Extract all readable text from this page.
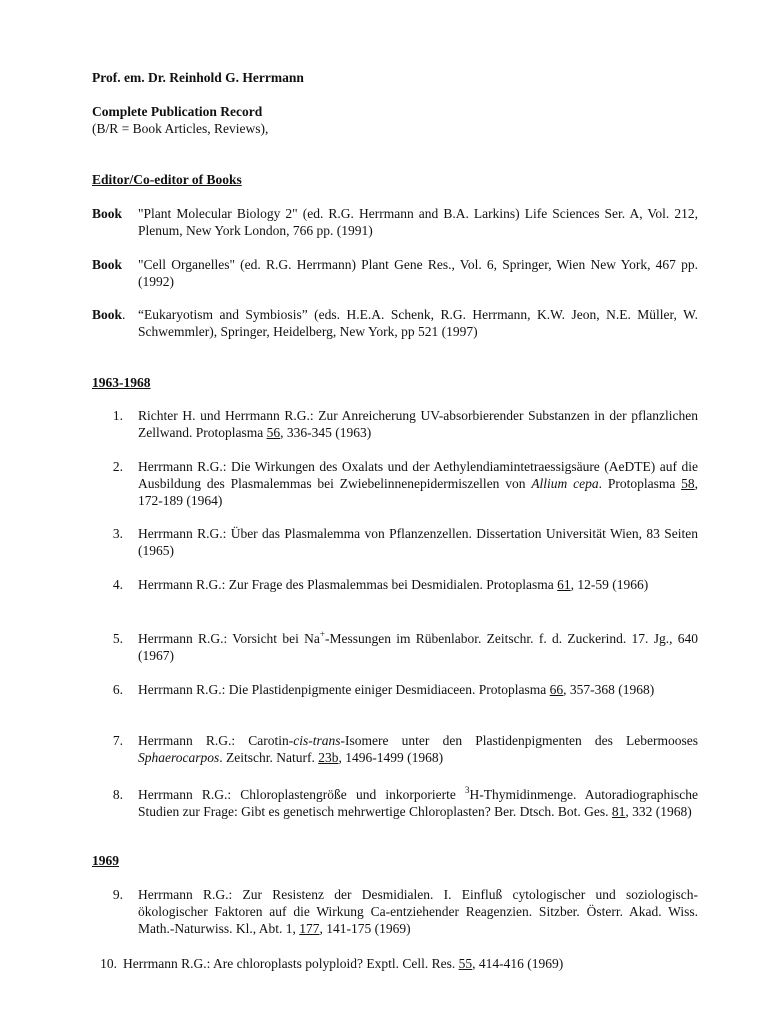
Prof. em. Dr. Reinhold G. Herrmann
Complete Publication Record
(B/R = Book Articles, Reviews),
Editor/Co-editor of Books
Book "Plant Molecular Biology 2" (ed. R.G. Herrmann and B.A. Larkins) Life Sciences Ser. A, Vol. 212, Plenum, New York London, 766 pp. (1991)
Book "Cell Organelles" (ed. R.G. Herrmann) Plant Gene Res., Vol. 6, Springer, Wien New York, 467 pp. (1992)
Book. “Eukaryotism and Symbiosis” (eds. H.E.A. Schenk, R.G. Herrmann, K.W. Jeon, N.E. Müller, W. Schwemmler), Springer, Heidelberg, New York, pp 521 (1997)
1963-1968
1. Richter H. und Herrmann R.G.: Zur Anreicherung UV-absorbierender Substanzen in der pflanzlichen Zellwand. Protoplasma 56, 336-345 (1963)
2. Herrmann R.G.: Die Wirkungen des Oxalats und der Aethylendiamintetraessigsäure (AeDTE) auf die Ausbildung des Plasmalemmas bei Zwiebelinnenepidermiszellen von Allium cepa. Protoplasma 58, 172-189 (1964)
3. Herrmann R.G.: Über das Plasmalemma von Pflanzenzellen. Dissertation Universität Wien, 83 Seiten (1965)
4. Herrmann R.G.: Zur Frage des Plasmalemmas bei Desmidialen. Protoplasma 61, 12-59 (1966)
5. Herrmann R.G.: Vorsicht bei Na+-Messungen im Rübenlabor. Zeitschr. f. d. Zuckerind. 17. Jg., 640 (1967)
6. Herrmann R.G.: Die Plastidenpigmente einiger Desmidiaceen. Protoplasma 66, 357-368 (1968)
7. Herrmann R.G.: Carotin-cis-trans-Isomere unter den Plastidenpigmenten des Lebermooses Sphaerocarpos. Zeitschr. Naturf. 23b, 1496-1499 (1968)
8. Herrmann R.G.: Chloroplastengröße und inkorporierte $^3$H-Thymidinmenge. Autoradiographische Studien zur Frage: Gibt es genetisch mehrwertige Chloroplasten? Ber. Dtsch. Bot. Ges. 81, 332 (1968)
1969
9. Herrmann R.G.: Zur Resistenz der Desmidialen. I. Einfluß cytologischer und soziologisch-ökologischer Faktoren auf die Wirkung Ca-entziehender Reagenzien. Sitzber. Österr. Akad. Wiss. Math.-Naturwiss. Kl., Abt. 1, 177, 141-175 (1969)
10. Herrmann R.G.: Are chloroplasts polyploid? Exptl. Cell. Res. 55, 414-416 (1969)
